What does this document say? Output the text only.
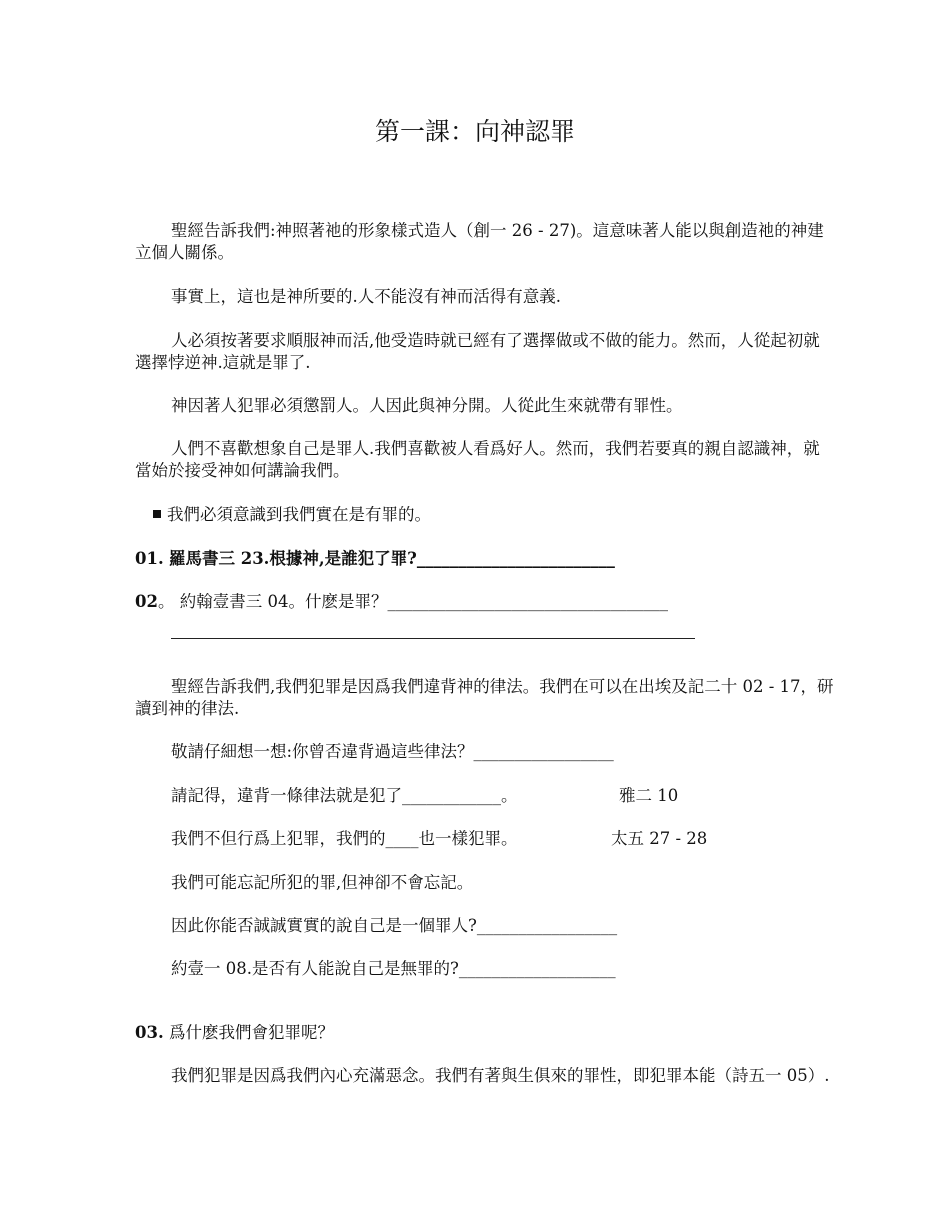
第一課：向神認罪
聖經告訴我們:神照著祂的形象樣式造人（創一 26 - 27)。這意味著人能以與創造祂的神建立個人關係。
事實上，這也是神所要的.人不能沒有神而活得有意義.
人必須按著要求順服神而活,他受造時就已經有了選擇做或不做的能力。然而，人從起初就選擇悖逆神.這就是罪了.
神因著人犯罪必須懲罰人。人因此與神分開。人從此生來就帶有罪性。
人們不喜歡想象自己是罪人.我們喜歡被人看爲好人。然而，我們若要真的親自認識神，就當始於接受神如何講論我們。
我們必須意識到我們實在是有罪的。
01. 羅馬書三 23.根據神,是誰犯了罪?________________________
02。 約翰壹書三 04。什麽是罪？__________________________________
聖經告訴我們,我們犯罪是因爲我們違背神的律法。我們在可以在出埃及記二十 02 - 17，研讀到神的律法.
敬請仔細想一想:你曾否違背過這些律法？_________________
請記得，違背一條律法就是犯了____________。	雅二 10
我們不但行爲上犯罪，我們的____也一樣犯罪。	太五 27 - 28
我們可能忘記所犯的罪,但神卻不會忘記。
因此你能否誠誠實實的說自己是一個罪人?_________________
約壹一 08.是否有人能說自己是無罪的?___________________
03. 爲什麽我們會犯罪呢？
我們犯罪是因爲我們內心充滿惡念。我們有著與生俱來的罪性，即犯罪本能（詩五一 05）.
